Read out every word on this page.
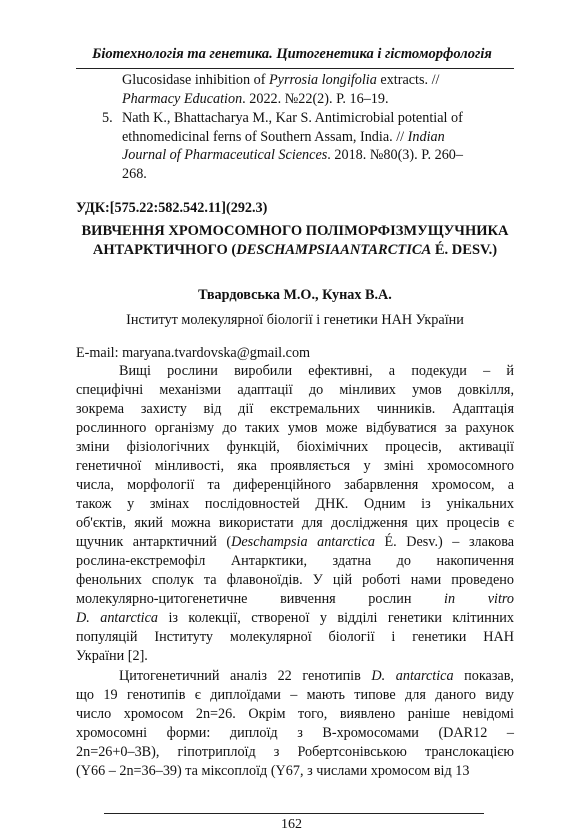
Біотехнологія та генетика. Цитогенетика і гістоморфологія
Glucosidase inhibition of Pyrrosia longifolia extracts. //
Pharmacy Education. 2022. №22(2). P. 16–19.
5. Nath K., Bhattacharya M., Kar S. Antimicrobial potential of
ethnomedicinal ferns of Southern Assam, India. // Indian
Journal of Pharmaceutical Sciences. 2018. №80(3). P. 260–
268.
УДК:[575.22:582.542.11](292.3)
ВИВЧЕННЯ ХРОМОСОМНОГО ПОЛІМОРФІЗМУЩУЧНИКА АНТАРКТИЧНОГО (DESCHAMPSIAANTARCTICA É. DESV.)
Твардовська М.О., Кунах В.А.
Інститут молекулярної біології і генетики НАН України
E-mail: maryana.tvardovska@gmail.com
Вищі рослини виробили ефективні, а подекуди – й
специфічні механізми адаптації до мінливих умов довкілля,
зокрема захисту від дії екстремальних чинників. Адаптація
рослинного організму до таких умов може відбуватися за рахунок
зміни фізіологічних функцій, біохімічних процесів, активації
генетичної мінливості, яка проявляється у зміні хромосомного
числа, морфології та диференційного забарвлення хромосом, а
також у змінах послідовностей ДНК. Одним із унікальних
об'єктів, який можна використати для дослідження цих процесів є
щучник антарктичний (Deschampsia antarctica É. Desv.) – злакова
рослина-екстремофіл Антарктики, здатна до накопичення
фенольних сполук та флавоноїдів. У цій роботі нами проведено
молекулярно-цитогенетичне вивчення рослин in vitro
D. antarctica із колекції, створеної у відділі генетики клітинних
популяцій Інституту молекулярної біології і генетики НАН
України [2].
Цитогенетичний аналіз 22 генотипів D. antarctica показав,
що 19 генотипів є диплоїдами – мають типове для даного виду
число хромосом 2n=26. Окрім того, виявлено раніше невідомі
хромосомні форми: диплоїд з В-хромосомами (DAR12 –
2n=26+0–3B), гіпотриплоїд з Робертсонівською транслокацією
(Y66 – 2n=36–39) та міксоплоїд (Y67, з числами хромосом від 13
162
